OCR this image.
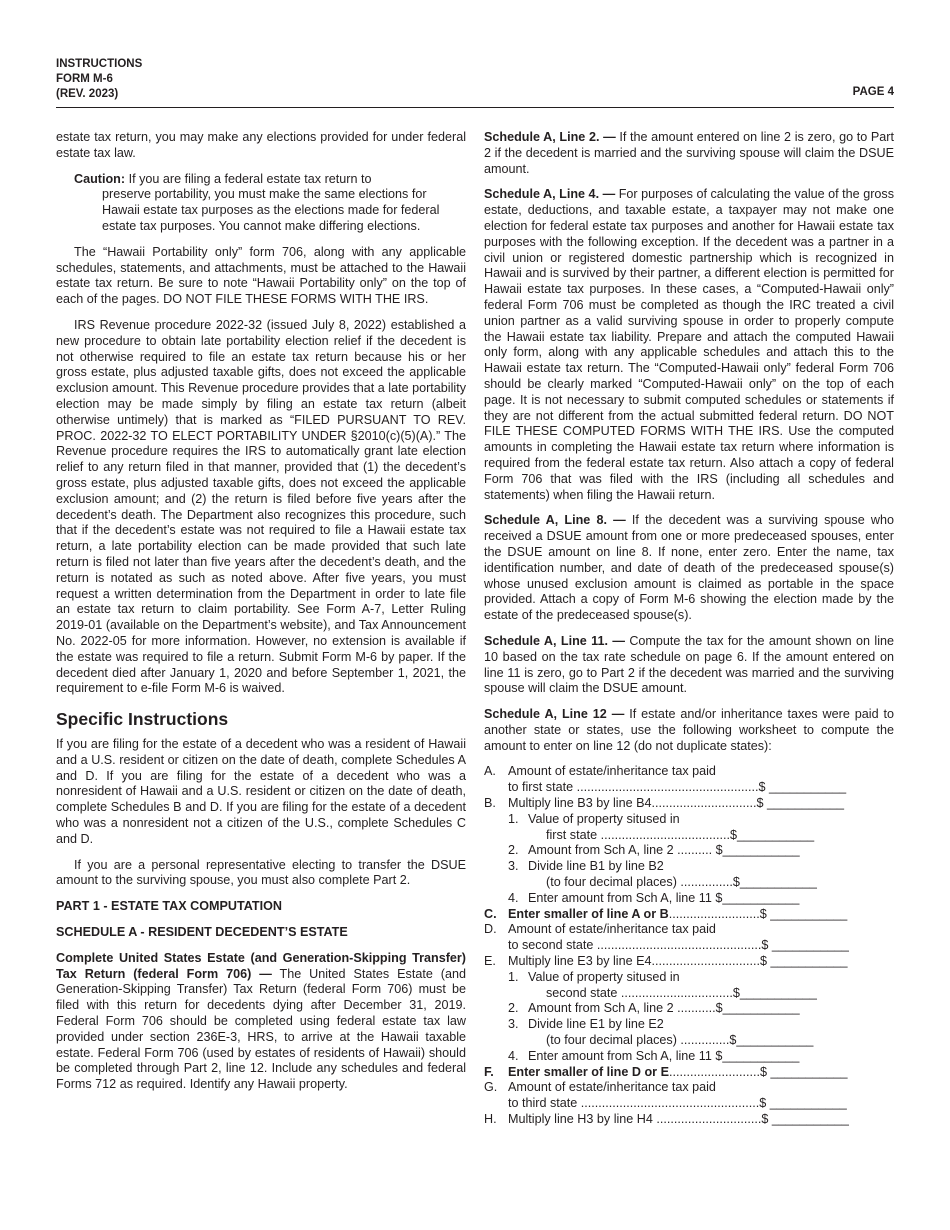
INSTRUCTIONS
FORM M-6
(REV. 2023)	PAGE 4

estate tax return, you may make any elections provided for under federal estate tax law.

Caution: If you are filing a federal estate tax return to
preserve portability, you must make the same elections for Hawaii estate tax purposes as the elections made for federal estate tax purposes. You cannot make differing elections.

The “Hawaii Portability only” form 706, along with any applicable schedules, statements, and attachments, must be attached to the Hawaii estate tax return. Be sure to note “Hawaii Portability only” on the top of each of the pages. DO NOT FILE THESE FORMS WITH THE IRS.

IRS Revenue procedure 2022-32 (issued July 8, 2022) established a new procedure to obtain late portability election relief if the decedent is not otherwise required to file an estate tax return because his or her gross estate, plus adjusted taxable gifts, does not exceed the applicable exclusion amount. This Revenue procedure provides that a late portability election may be made simply by filing an estate tax return (albeit otherwise untimely) that is marked as “FILED PURSUANT TO REV. PROC. 2022-32 TO ELECT PORTABILITY UNDER §2010(c)(5)(A).” The Revenue procedure requires the IRS to automatically grant late election relief to any return filed in that manner, provided that (1) the decedent’s gross estate, plus adjusted taxable gifts, does not exceed the applicable exclusion amount; and (2) the return is filed before five years after the decedent’s death. The Department also recognizes this procedure, such that if the decedent’s estate was not required to file a Hawaii estate tax return, a late portability election can be made provided that such late return is filed not later than five years after the decedent’s death, and the return is notated as such as noted above. After five years, you must request a written determination from the Department in order to late file an estate tax return to claim portability. See Form A-7, Letter Ruling 2019-01 (available on the Department’s website), and Tax Announcement No. 2022-05 for more information. However, no extension is available if the estate was required to file a return. Submit Form M-6 by paper. If the decedent died after January 1, 2020 and before September 1, 2021, the requirement to e-file Form M-6 is waived.

Specific Instructions

If you are filing for the estate of a decedent who was a resident of Hawaii and a U.S. resident or citizen on the date of death, complete Schedules A and D. If you are filing for the estate of a decedent who was a nonresident of Hawaii and a U.S. resident or citizen on the date of death, complete Schedules B and D. If you are filing for the estate of a decedent who was a nonresident not a citizen of the U.S., complete Schedules C and D.

If you are a personal representative electing to transfer the DSUE amount to the surviving spouse, you must also complete Part 2.

PART 1 - ESTATE TAX COMPUTATION
SCHEDULE A - RESIDENT DECEDENT’S ESTATE

Complete United States Estate (and Generation-Skipping Transfer) Tax Return (federal Form 706) — The United States Estate (and Generation-Skipping Transfer) Tax Return (federal Form 706) must be filed with this return for decedents dying after December 31, 2019. Federal Form 706 should be completed using federal estate tax law provided under section 236E-3, HRS, to arrive at the Hawaii taxable estate. Federal Form 706 (used by estates of residents of Hawaii) should be completed through Part 2, line 12. Include any schedules and federal Forms 712 as required. Identify any Hawaii property.

Schedule A, Line 2. — If the amount entered on line 2 is zero, go to Part 2 if the decedent is married and the surviving spouse will claim the DSUE amount.

Schedule A, Line 4. — For purposes of calculating the value of the gross estate, deductions, and taxable estate, a taxpayer may not make one election for federal estate tax purposes and another for Hawaii estate tax purposes with the following exception. If the decedent was a partner in a civil union or registered domestic partnership which is recognized in Hawaii and is survived by their partner, a different election is permitted for Hawaii estate tax purposes. In these cases, a “Computed-Hawaii only” federal Form 706 must be completed as though the IRC treated a civil union partner as a valid surviving spouse in order to properly compute the Hawaii estate tax liability. Prepare and attach the computed Hawaii only form, along with any applicable schedules and attach this to the Hawaii estate tax return. The “Computed-Hawaii only” federal Form 706 should be clearly marked “Computed-Hawaii only” on the top of each page. It is not necessary to submit computed schedules or statements if they are not different from the actual submitted federal return. DO NOT FILE THESE COMPUTED FORMS WITH THE IRS. Use the computed amounts in completing the Hawaii estate tax return where information is required from the federal estate tax return. Also attach a copy of federal Form 706 that was filed with the IRS (including all schedules and statements) when filing the Hawaii return.

Schedule A, Line 8. — If the decedent was a surviving spouse who received a DSUE amount from one or more predeceased spouses, enter the DSUE amount on line 8. If none, enter zero. Enter the name, tax identification number, and date of death of the predeceased spouse(s) whose unused exclusion amount is claimed as portable in the space provided. Attach a copy of Form M-6 showing the election made by the estate of the predeceased spouse(s).

Schedule A, Line 11. — Compute the tax for the amount shown on line 10 based on the tax rate schedule on page 6. If the amount entered on line 11 is zero, go to Part 2 if the decedent was married and the surviving spouse will claim the DSUE amount.

Schedule A, Line 12 — If estate and/or inheritance taxes were paid to another state or states, use the following worksheet to compute the amount to enter on line 12 (do not duplicate states):

A. Amount of estate/inheritance tax paid
to first state ....................................................$ ___________
B. Multiply line B3 by line B4..............................$ ___________
1. Value of property sitused in
first state .....................................$___________
2. Amount from Sch A, line 2 .......... $___________
3. Divide line B1 by line B2
(to four decimal places) ...............$___________
4. Enter amount from Sch A, line 11 $___________
C. Enter smaller of line A or B..........................$ ___________
D. Amount of estate/inheritance tax paid
to second state ...............................................$ ___________
E. Multiply line E3 by line E4...............................$ ___________
1. Value of property sitused in
second state ................................$___________
2. Amount from Sch A, line 2 ...........$___________
3. Divide line E1 by line E2
(to four decimal places) ..............$___________
4. Enter amount from Sch A, line 11 $___________
F. Enter smaller of line D or E..........................$ ___________
G. Amount of estate/inheritance tax paid
to third state ...................................................$ ___________
H. Multiply line H3 by line H4 ..............................$ ___________
